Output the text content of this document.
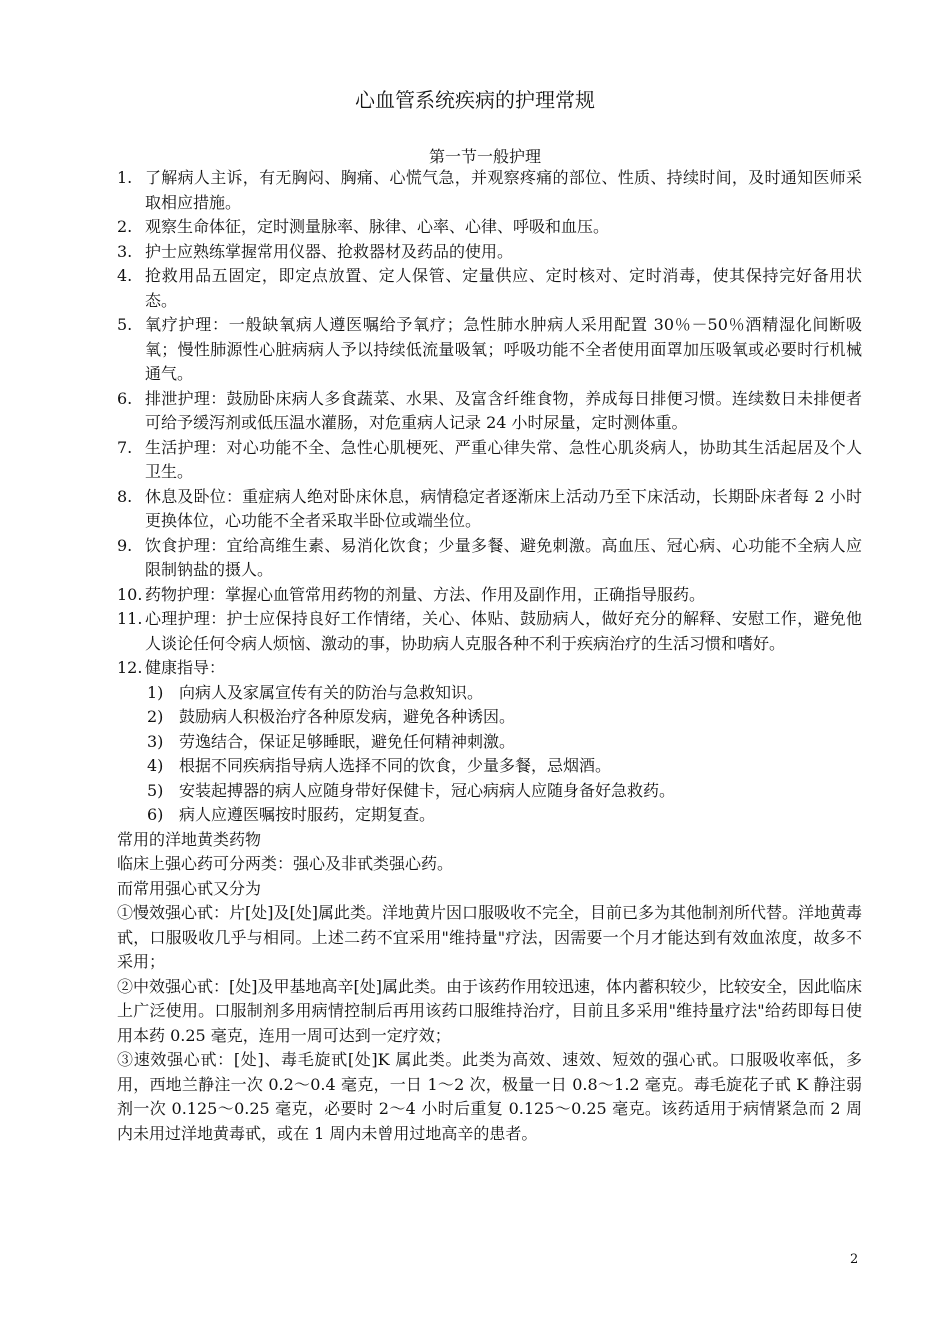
心血管系统疾病的护理常规
第一节一般护理
1. 了解病人主诉，有无胸闷、胸痛、心慌气急，并观察疼痛的部位、性质、持续时间，及时通知医师采取相应措施。
2. 观察生命体征，定时测量脉率、脉律、心率、心律、呼吸和血压。
3. 护士应熟练掌握常用仪器、抢救器材及药品的使用。
4. 抢救用品五固定，即定点放置、定人保管、定量供应、定时核对、定时消毒，使其保持完好备用状态。
5. 氧疗护理：一般缺氧病人遵医嘱给予氧疗；急性肺水肿病人采用配置 30％－50％酒精湿化间断吸氧；慢性肺源性心脏病病人予以持续低流量吸氧；呼吸功能不全者使用面罩加压吸氧或必要时行机械通气。
6. 排泄护理：鼓励卧床病人多食蔬菜、水果、及富含纤维食物，养成每日排便习惯。连续数日未排便者可给予缓泻剂或低压温水灌肠，对危重病人记录 24 小时尿量，定时测体重。
7. 生活护理：对心功能不全、急性心肌梗死、严重心律失常、急性心肌炎病人，协助其生活起居及个人卫生。
8. 休息及卧位：重症病人绝对卧床休息，病情稳定者逐渐床上活动乃至下床活动，长期卧床者每 2 小时更换体位，心功能不全者采取半卧位或端坐位。
9. 饮食护理：宜给高维生素、易消化饮食；少量多餐、避免刺激。高血压、冠心病、心功能不全病人应限制钠盐的摄人。
10. 药物护理：掌握心血管常用药物的剂量、方法、作用及副作用，正确指导服药。
11. 心理护理：护士应保持良好工作情绪，关心、体贴、鼓励病人，做好充分的解释、安慰工作，避免他人谈论任何令病人烦恼、激动的事，协助病人克服各种不利于疾病治疗的生活习惯和嗜好。
12. 健康指导：
1) 向病人及家属宣传有关的防治与急救知识。
2) 鼓励病人积极治疗各种原发病，避免各种诱因。
3) 劳逸结合，保证足够睡眠，避免任何精神刺激。
4) 根据不同疾病指导病人选择不同的饮食，少量多餐，忌烟酒。
5) 安装起搏器的病人应随身带好保健卡，冠心病病人应随身备好急救药。
6) 病人应遵医嘱按时服药，定期复查。
常用的洋地黄类药物
临床上强心药可分两类：强心及非甙类强心药。
而常用强心甙又分为
①慢效强心甙：片[处]及[处]属此类。洋地黄片因口服吸收不完全，目前已多为其他制剂所代替。洋地黄毒甙，口服吸收几乎与相同。上述二药不宜采用"维持量"疗法，因需要一个月才能达到有效血浓度，故多不采用；
②中效强心甙：[处]及甲基地高辛[处]属此类。由于该药作用较迅速，体内蓄积较少，比较安全，因此临床上广泛使用。口服制剂多用病情控制后再用该药口服维持治疗，目前且多采用"维持量疗法"给药即每日使用本药 0.25 毫克，连用一周可达到一定疗效；
③速效强心甙：[处]、毒毛旋甙[处]K 属此类。此类为高效、速效、短效的强心甙。口服吸收率低，多用，西地兰静注一次 0.2～0.4 毫克，一日 1～2 次，极量一日 0.8～1.2 毫克。毒毛旋花子甙 K 静注弱剂一次 0.125～0.25 毫克，必要时 2～4 小时后重复 0.125～0.25 毫克。该药适用于病情紧急而 2 周内未用过洋地黄毒甙，或在 1 周内未曾用过地高辛的患者。
2
